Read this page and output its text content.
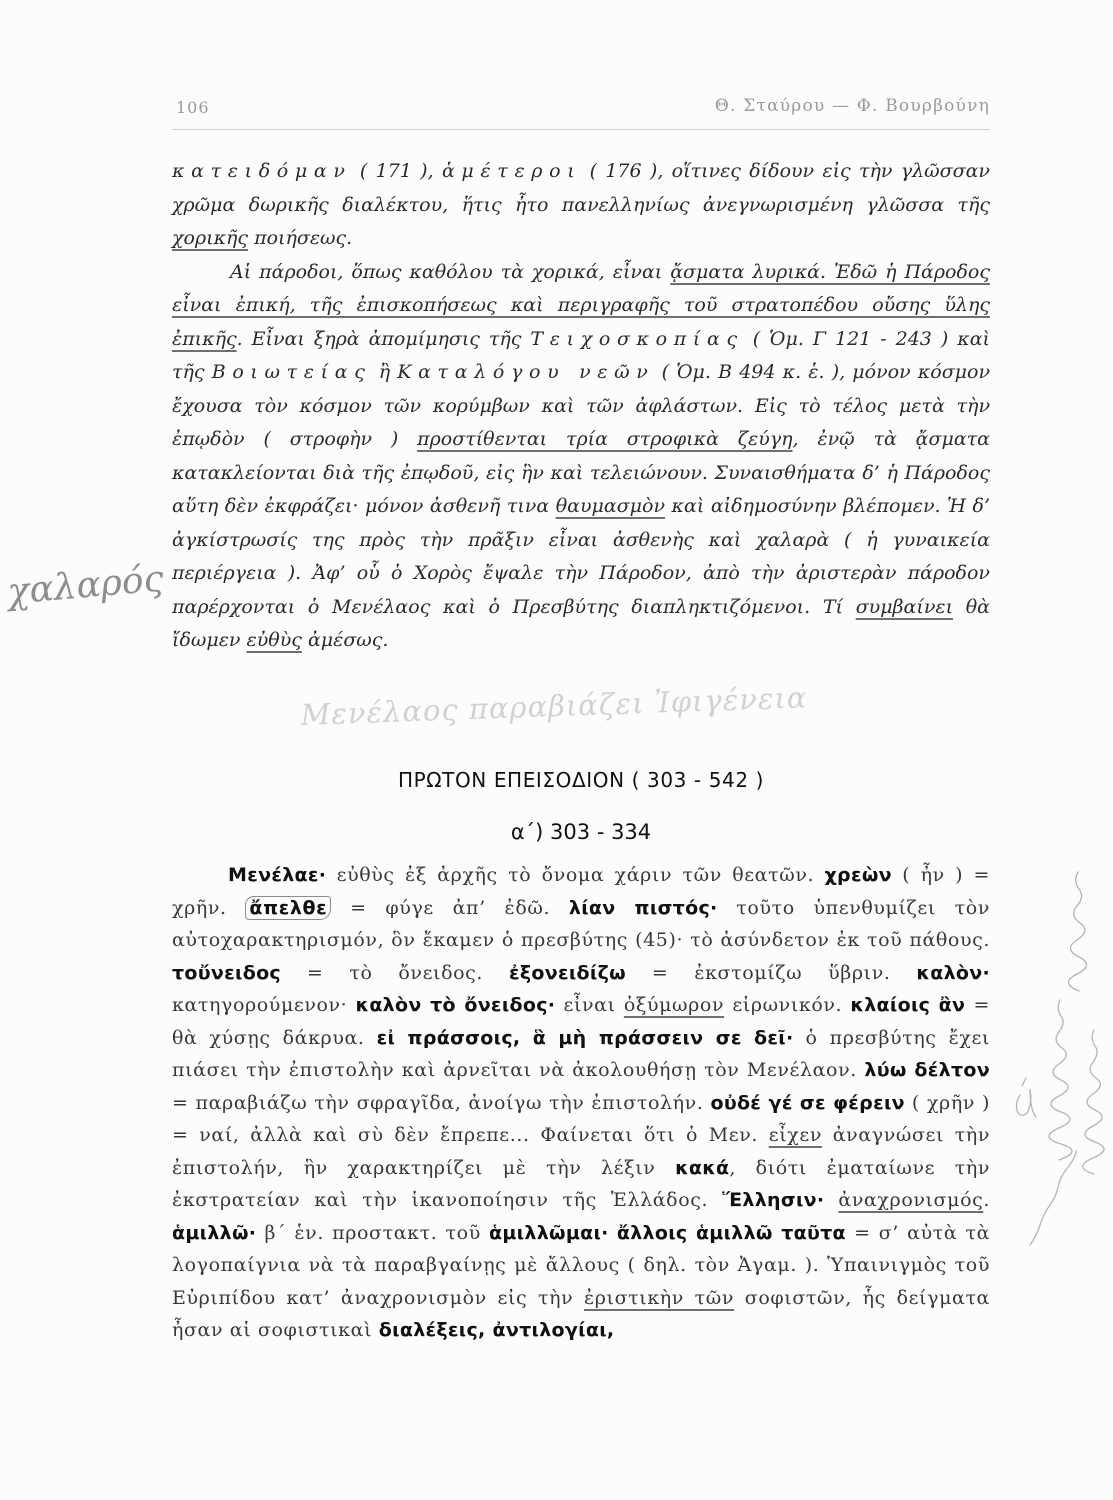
106	Θ. Σταύρου — Φ. Βουρβούνη

κατειδόμαν ( 171 ), ἁμέτεροι ( 176 ), οἵτινες δίδουν εἰς τὴν γλῶσσαν χρῶμα δωρικῆς διαλέκτου, ἥτις ἦτο πανελληνίως ἀνεγνωρισμένη γλῶσσα τῆς χορικῆς ποιήσεως.

Αἱ πάροδοι, ὅπως καθόλου τὰ χορικά, εἶναι ᾄσματα λυρικά. Ἐδῶ ἡ Πάροδος εἶναι ἐπική, τῆς ἐπισκοπήσεως καὶ περιγραφῆς τοῦ στρατοπέδου οὔσης ὕλης ἐπικῆς. Εἶναι ξηρὰ ἀπομίμησις τῆς Τειχοσκοπίας ( Ὁμ. Γ 121 - 243 ) καὶ τῆς Βοιωτείας ἢ Καταλόγου νεῶν ( Ὁμ. Β 494 κ. ἑ. ), μόνον κόσμον ἔχουσα τὸν κόσμον τῶν κορύμβων καὶ τῶν ἀφλάστων. Εἰς τὸ τέλος μετὰ τὴν ἐπῳδὸν ( στροφὴν ) προστίθενται τρία στροφικὰ ζεύγη, ἐνῷ τὰ ᾄσματα κατακλείονται διὰ τῆς ἐπῳδοῦ, εἰς ἣν καὶ τελειώνουν. Συναισθήματα δ’ ἡ Πάροδος αὕτη δὲν ἐκφράζει· μόνον ἀσθενῆ τινα θαυμασμὸν καὶ αἰδημοσύνην βλέπομεν. Ἡ δ’ ἀγκίστρωσίς της πρὸς τὴν πρᾶξιν εἶναι ἀσθενὴς καὶ χαλαρὰ ( ἡ γυναικεία περιέργεια ). Ἀφ’ οὗ ὁ Χορὸς ἔψαλε τὴν Πάροδον, ἀπὸ τὴν ἀριστερὰν πάροδον παρέρχονται ὁ Μενέλαος καὶ ὁ Πρεσβύτης διαπληκτιζόμενοι. Τί συμβαίνει θὰ ἴδωμεν εὐθὺς ἀμέσως.

ΠΡΩΤΟΝ ΕΠΕΙΣΟΔΙΟΝ ( 303 - 542 )
α΄) 303 - 334

Μενέλαε· εὐθὺς ἐξ ἀρχῆς τὸ ὄνομα χάριν τῶν θεατῶν. χρεὼν ( ἦν ) = χρῆν. ἄπελθε = φύγε ἀπ’ ἐδῶ. λίαν πιστός· τοῦτο ὑπενθυμίζει τὸν αὐτοχαρακτηρισμόν, ὃν ἔκαμεν ὁ πρεσβύτης (45)· τὸ ἀσύνδετον ἐκ τοῦ πάθους. τοὔνειδος = τὸ ὄνειδος. ἐξονειδίζω = ἐκστομίζω ὕβριν. καλὸν· κατηγορούμενον· καλὸν τὸ ὄνειδος· εἶναι ὀξύμωρον εἰρωνικόν. κλαίοις ἂν = θὰ χύσῃς δάκρυα. εἰ πράσσοις, ἃ μὴ πράσσειν σε δεῖ· ὁ πρεσβύτης ἔχει πιάσει τὴν ἐπιστολὴν καὶ ἀρνεῖται νὰ ἀκολουθήσῃ τὸν Μενέλαον. λύω δέλτον = παραβιάζω τὴν σφραγῖδα, ἀνοίγω τὴν ἐπιστολήν. οὐδέ γέ σε φέρειν ( χρῆν ) = ναί, ἀλλὰ καὶ σὺ δὲν ἔπρεπε... Φαίνεται ὅτι ὁ Μεν. εἶχεν ἀναγνώσει τὴν ἐπιστολήν, ἣν χαρακτηρίζει μὲ τὴν λέξιν κακά, διότι ἐματαίωνε τὴν ἐκστρατείαν καὶ τὴν ἱκανοποίησιν τῆς Ἑλλάδος. Ἕλλησιν· ἀναχρονισμός. ἁμιλλῶ· β΄ ἑν. προστακτ. τοῦ ἁμιλλῶμαι· ἄλλοις ἁμιλλῶ ταῦτα = σ’ αὐτὰ τὰ λογοπαίγνια νὰ τὰ παραβγαίνῃς μὲ ἄλλους ( δηλ. τὸν Ἀγαμ. ). Ὑπαινιγμὸς τοῦ Εὐριπίδου κατ’ ἀναχρονισμὸν εἰς τὴν ἐριστικὴν τῶν σοφιστῶν, ἧς δείγματα ἦσαν αἱ σοφιστικαὶ διαλέξεις, ἀντιλογίαι,

χαλαρός
Μενέλαος παραβιάζει Ἰφιγένεια
